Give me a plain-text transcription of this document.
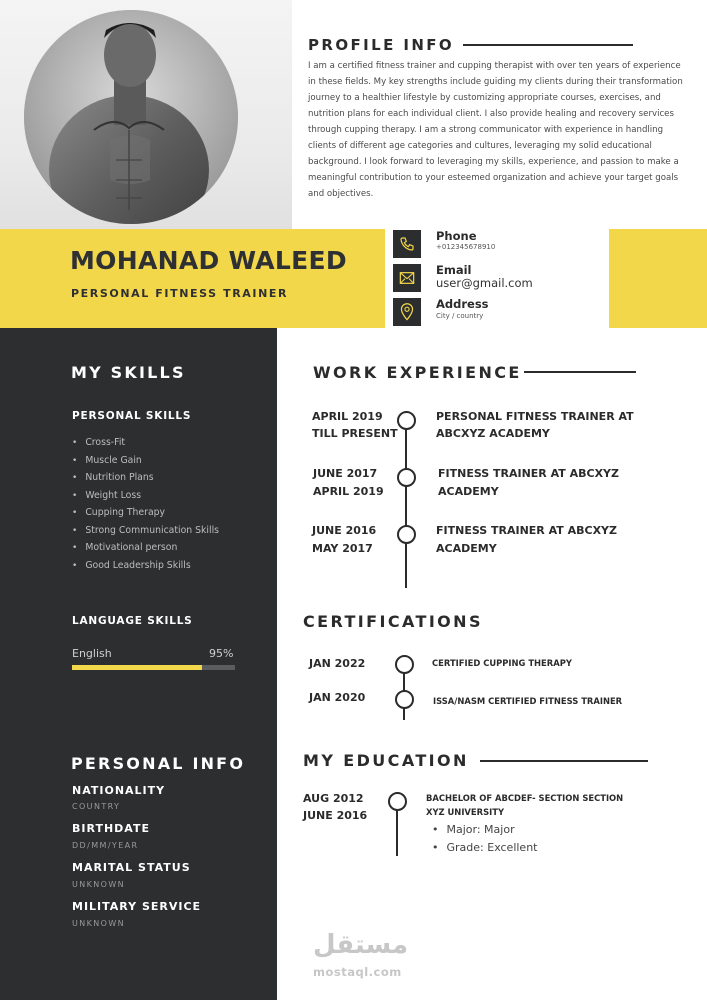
MOHANAD WALEED
PERSONAL FITNESS TRAINER
Phone
+012345678910
Email
user@gmail.com
Address
City / country
PROFILE INFO
I am a certified fitness trainer and cupping therapist with over ten years of experience in these fields. My key strengths include guiding my clients during their transformation journey to a healthier lifestyle by customizing appropriate courses, exercises, and nutrition plans for each individual client. I also provide healing and recovery services through cupping therapy. I am a strong communicator with experience in handling clients of different age categories and cultures, leveraging my solid educational background. I look forward to leveraging my skills, experience, and passion to make a meaningful contribution to your esteemed organization and achieve your target goals and objectives.
MY SKILLS
PERSONAL SKILLS
• Cross-Fit
• Muscle Gain
• Nutrition Plans
• Weight Loss
• Cupping Therapy
• Strong Communication Skills
• Motivational person
• Good Leadership Skills
LANGUAGE SKILLS
English	95%
PERSONAL INFO
NATIONALITY
COUNTRY
BIRTHDATE
DD/MM/YEAR
MARITAL STATUS
UNKNOWN
MILITARY SERVICE
UNKNOWN
WORK EXPERIENCE
APRIL 2019
TILL PRESENT
PERSONAL FITNESS TRAINER AT
ABCXYZ ACADEMY
JUNE 2017
APRIL 2019
FITNESS TRAINER AT ABCXYZ
ACADEMY
JUNE 2016
MAY 2017
FITNESS TRAINER AT ABCXYZ
ACADEMY
CERTIFICATIONS
JAN 2022	CERTIFIED CUPPING THERAPY
JAN 2020	ISSA/NASM CERTIFIED FITNESS TRAINER
MY EDUCATION
AUG 2012
JUNE 2016
BACHELOR OF ABCDEF- SECTION SECTION
XYZ UNIVERSITY
• Major: Major
• Grade: Excellent
مستقل
mostaql.com
